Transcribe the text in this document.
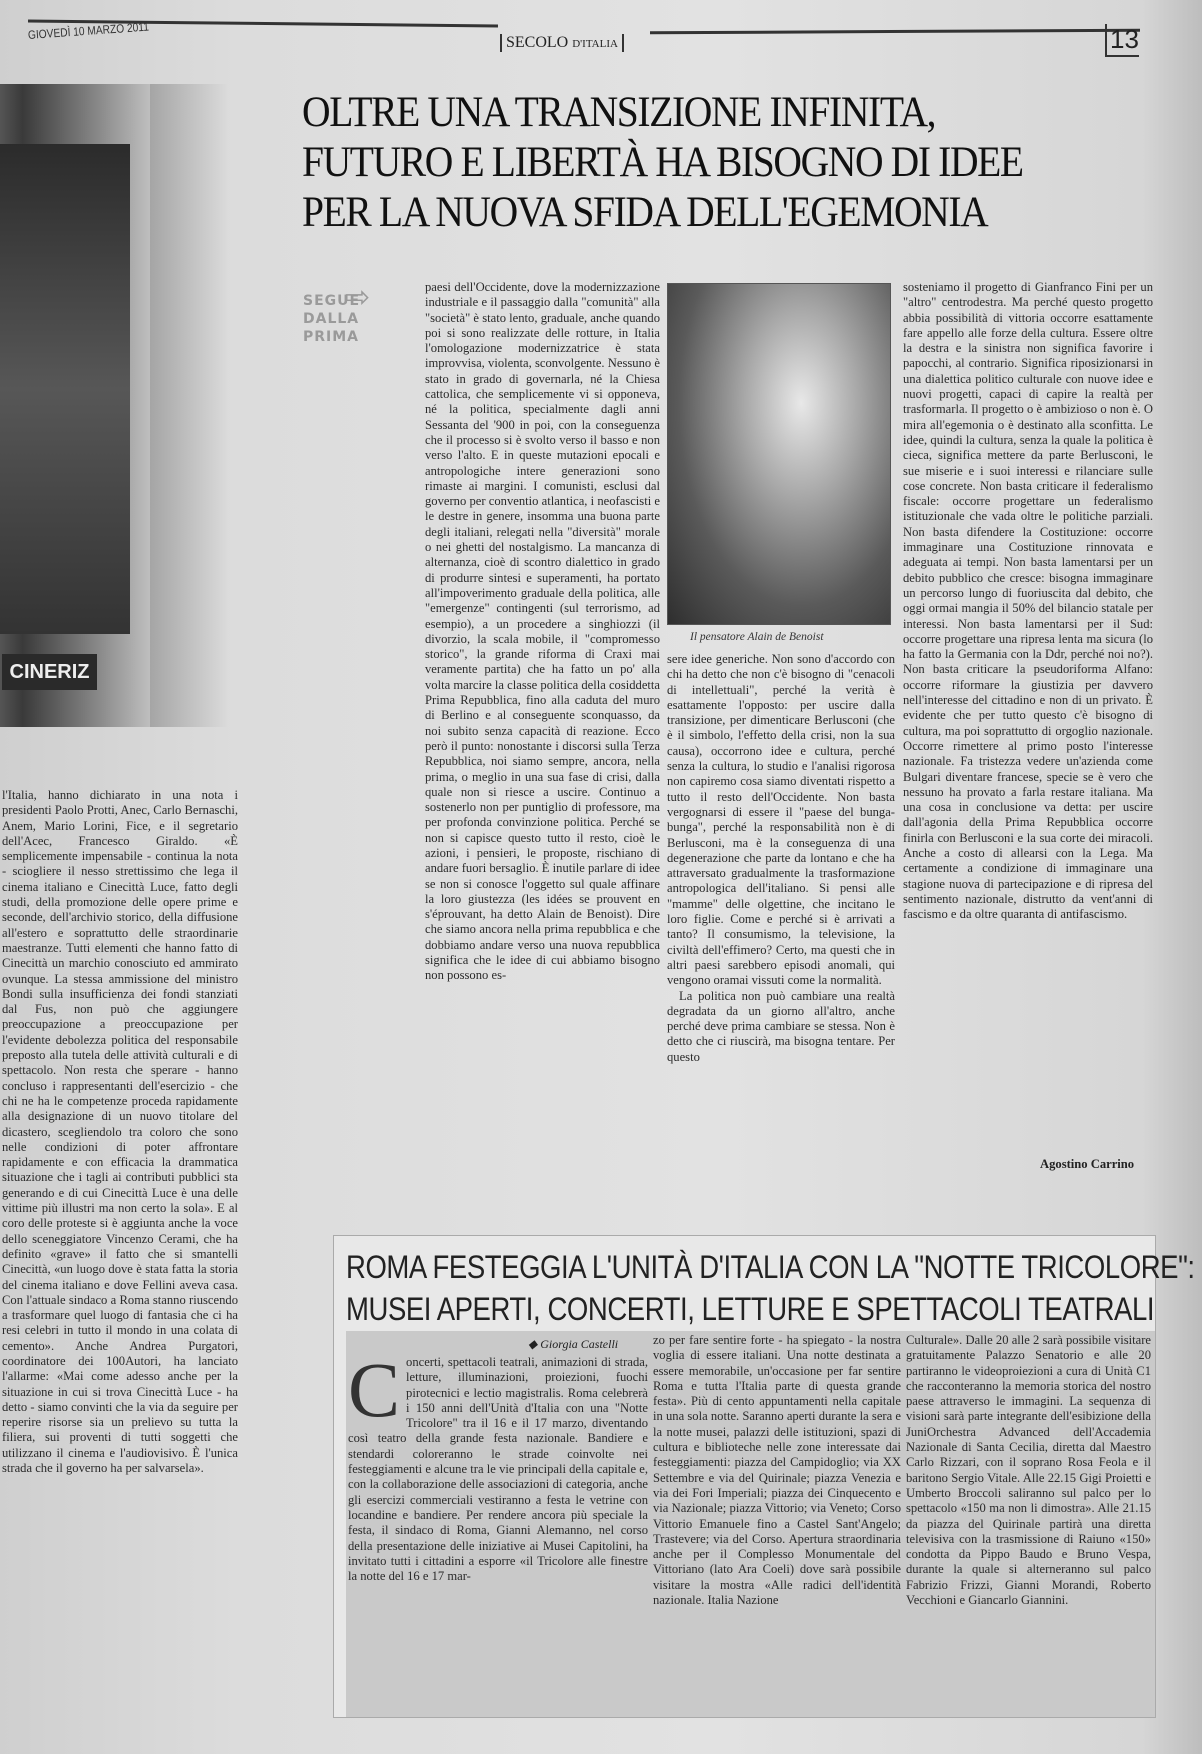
GIOVEDÌ 10 MARZO 2011
SECOLO D'ITALIA	13
CINERIZ
OLTRE UNA TRANSIZIONE INFINITA,
FUTURO E LIBERTÀ HA BISOGNO DI IDEE
PER LA NUOVA SFIDA DELL'EGEMONIA
SEGUE
DALLA
PRIMA
⇨	paesi dell'Occidente, dove la modernizzazione industriale e il passaggio dalla "comunità" alla "società" è stato lento, graduale, anche quando poi si sono realizzate delle rotture, in Italia l'omologazione modernizzatrice è stata improvvisa, violenta, sconvolgente. Nessuno è stato in grado di governarla, né la Chiesa cattolica, che semplicemente vi si opponeva, né la politica, specialmente dagli anni Sessanta del '900 in poi, con la conseguenza che il processo si è svolto verso il basso e non verso l'alto. E in queste mutazioni epocali e antropologiche intere generazioni sono rimaste ai margini. I comunisti, esclusi dal governo per conventio atlantica, i neofascisti e le destre in genere, insomma una buona parte degli italiani, relegati nella "diversità" morale o nei ghetti del nostalgismo. La mancanza di alternanza, cioè di scontro dialettico in grado di produrre sintesi e superamenti, ha portato all'impoverimento graduale della politica, alle "emergenze" contingenti (sul terrorismo, ad esempio), a un procedere a singhiozzi (il divorzio, la scala mobile, il "compromesso storico", la grande riforma di Craxi mai veramente partita) che ha fatto un po' alla volta marcire la classe politica della cosiddetta Prima Repubblica, fino alla caduta del muro di Berlino e al conseguente sconquasso, da noi subito senza capacità di reazione. Ecco però il punto: nonostante i discorsi sulla Terza Repubblica, noi siamo sempre, ancora, nella prima, o meglio in una sua fase di crisi, dalla quale non si riesce a uscire. Continuo a sostenerlo non per puntiglio di professore, ma per profonda convinzione politica. Perché se non si capisce questo tutto il resto, cioè le azioni, i pensieri, le proposte, rischiano di andare fuori bersaglio. È inutile parlare di idee se non si conosce l'oggetto sul quale affinare la loro giustezza (les idées se prouvent en s'éprouvant, ha detto Alain de Benoist). Dire che siamo ancora nella prima repubblica e che dobbiamo andare verso una nuova repubblica significa che le idee di cui abbiamo bisogno non possono es-

Il pensatore Alain de Benoist

sere idee generiche. Non sono d'accordo con chi ha detto che non c'è bisogno di "cenacoli di intellettuali", perché la verità è esattamente l'opposto: per uscire dalla transizione, per dimenticare Berlusconi (che è il simbolo, l'effetto della crisi, non la sua causa), occorrono idee e cultura, perché senza la cultura, lo studio e l'analisi rigorosa non capiremo cosa siamo diventati rispetto a tutto il resto dell'Occidente. Non basta vergognarsi di essere il "paese del bunga-bunga", perché la responsabilità non è di Berlusconi, ma è la conseguenza di una degenerazione che parte da lontano e che ha attraversato gradualmente la trasformazione antropologica dell'italiano. Si pensi alle "mamme" delle olgettine, che incitano le loro figlie. Come e perché si è arrivati a tanto? Il consumismo, la televisione, la civiltà dell'effimero? Certo, ma questi che in altri paesi sarebbero episodi anomali, qui vengono oramai vissuti come la normalità.

La politica non può cambiare una realtà degradata da un giorno all'altro, anche perché deve prima cambiare se stessa. Non è detto che ci riuscirà, ma bisogna tentare. Per questo

sosteniamo il progetto di Gianfranco Fini per un "altro" centrodestra. Ma perché questo progetto abbia possibilità di vittoria occorre esattamente fare appello alle forze della cultura. Essere oltre la destra e la sinistra non significa favorire i papocchi, al contrario. Significa riposizionarsi in una dialettica politico culturale con nuove idee e nuovi progetti, capaci di capire la realtà per trasformarla. Il progetto o è ambizioso o non è. O mira all'egemonia o è destinato alla sconfitta. Le idee, quindi la cultura, senza la quale la politica è cieca, significa mettere da parte Berlusconi, le sue miserie e i suoi interessi e rilanciare sulle cose concrete. Non basta criticare il federalismo fiscale: occorre progettare un federalismo istituzionale che vada oltre le politiche parziali. Non basta difendere la Costituzione: occorre immaginare una Costituzione rinnovata e adeguata ai tempi. Non basta lamentarsi per un debito pubblico che cresce: bisogna immaginare un percorso lungo di fuoriuscita dal debito, che oggi ormai mangia il 50% del bilancio statale per interessi. Non basta lamentarsi per il Sud: occorre progettare una ripresa lenta ma sicura (lo ha fatto la Germania con la Ddr, perché noi no?). Non basta criticare la pseudoriforma Alfano: occorre riformare la giustizia per davvero nell'interesse del cittadino e non di un privato. È evidente che per tutto questo c'è bisogno di cultura, ma poi soprattutto di orgoglio nazionale. Occorre rimettere al primo posto l'interesse nazionale. Fa tristezza vedere un'azienda come Bulgari diventare francese, specie se è vero che nessuno ha provato a farla restare italiana. Ma una cosa in conclusione va detta: per uscire dall'agonia della Prima Repubblica occorre finirla con Berlusconi e la sua corte dei miracoli. Anche a costo di allearsi con la Lega. Ma certamente a condizione di immaginare una stagione nuova di partecipazione e di ripresa del sentimento nazionale, distrutto da vent'anni di fascismo e da oltre quaranta di antifascismo.

Agostino Carrino

l'Italia, hanno dichiarato in una nota i presidenti Paolo Protti, Anec, Carlo Bernaschi, Anem, Mario Lorini, Fice, e il segretario dell'Acec, Francesco Giraldo. «È semplicemente impensabile - continua la nota - sciogliere il nesso strettissimo che lega il cinema italiano e Cinecittà Luce, fatto degli studi, della promozione delle opere prime e seconde, dell'archivio storico, della diffusione all'estero e soprattutto delle straordinarie maestranze. Tutti elementi che hanno fatto di Cinecittà un marchio conosciuto ed ammirato ovunque. La stessa ammissione del ministro Bondi sulla insufficienza dei fondi stanziati dal Fus, non può che aggiungere preoccupazione a preoccupazione per l'evidente debolezza politica del responsabile preposto alla tutela delle attività culturali e di spettacolo. Non resta che sperare - hanno concluso i rappresentanti dell'esercizio - che chi ne ha le competenze proceda rapidamente alla designazione di un nuovo titolare del dicastero, scegliendolo tra coloro che sono nelle condizioni di poter affrontare rapidamente e con efficacia la drammatica situazione che i tagli ai contributi pubblici sta generando e di cui Cinecittà Luce è una delle vittime più illustri ma non certo la sola». E al coro delle proteste si è aggiunta anche la voce dello sceneggiatore Vincenzo Cerami, che ha definito «grave» il fatto che si smantelli Cinecittà, «un luogo dove è stata fatta la storia del cinema italiano e dove Fellini aveva casa. Con l'attuale sindaco a Roma stanno riuscendo a trasformare quel luogo di fantasia che ci ha resi celebri in tutto il mondo in una colata di cemento». Anche Andrea Purgatori, coordinatore dei 100Autori, ha lanciato l'allarme: «Mai come adesso anche per la situazione in cui si trova Cinecittà Luce - ha detto - siamo convinti che la via da seguire per reperire risorse sia un prelievo su tutta la filiera, sui proventi di tutti soggetti che utilizzano il cinema e l'audiovisivo. È l'unica strada che il governo ha per salvarsela».

ROMA FESTEGGIA L'UNITÀ D'ITALIA CON LA "NOTTE TRICOLORE":
MUSEI APERTI, CONCERTI, LETTURE E SPETTACOLI TEATRALI
◆ Giorgia Castelli
C oncerti, spettacoli teatrali, animazioni di strada, letture, illuminazioni, proiezioni, fuochi pirotecnici e lectio magistralis. Roma celebrerà i 150 anni dell'Unità d'Italia con una "Notte Tricolore" tra il 16 e il 17 marzo, diventando così teatro della grande festa nazionale. Bandiere e stendardi coloreranno le strade coinvolte nei festeggiamenti e alcune tra le vie principali della capitale e, con la collaborazione delle associazioni di categoria, anche gli esercizi commerciali vestiranno a festa le vetrine con locandine e bandiere. Per rendere ancora più speciale la festa, il sindaco di Roma, Gianni Alemanno, nel corso della presentazione delle iniziative ai Musei Capitolini, ha invitato tutti i cittadini a esporre «il Tricolore alle finestre la notte del 16 e 17 mar-

zo per fare sentire forte - ha spiegato - la nostra voglia di essere italiani. Una notte destinata a essere memorabile, un'occasione per far sentire Roma e tutta l'Italia parte di questa grande festa». Più di cento appuntamenti nella capitale in una sola notte. Saranno aperti durante la sera e la notte musei, palazzi delle istituzioni, spazi di cultura e biblioteche nelle zone interessate dai festeggiamenti: piazza del Campidoglio; via XX Settembre e via del Quirinale; piazza Venezia e via dei Fori Imperiali; piazza dei Cinquecento e via Nazionale; piazza Vittorio; via Veneto; Corso Vittorio Emanuele fino a Castel Sant'Angelo; Trastevere; via del Corso. Apertura straordinaria anche per il Complesso Monumentale del Vittoriano (lato Ara Coeli) dove sarà possibile visitare la mostra «Alle radici dell'identità nazionale. Italia Nazione

Culturale». Dalle 20 alle 2 sarà possibile visitare gratuitamente Palazzo Senatorio e alle 20 partiranno le videoproiezioni a cura di Unità C1 che racconteranno la memoria storica del nostro paese attraverso le immagini. La sequenza di visioni sarà parte integrante dell'esibizione della JuniOrchestra Advanced dell'Accademia Nazionale di Santa Cecilia, diretta dal Maestro Carlo Rizzari, con il soprano Rosa Feola e il baritono Sergio Vitale. Alle 22.15 Gigi Proietti e Umberto Broccoli saliranno sul palco per lo spettacolo «150 ma non li dimostra». Alle 21.15 da piazza del Quirinale partirà una diretta televisiva con la trasmissione di Raiuno «150» condotta da Pippo Baudo e Bruno Vespa, durante la quale si alterneranno sul palco Fabrizio Frizzi, Gianni Morandi, Roberto Vecchioni e Giancarlo Giannini.
